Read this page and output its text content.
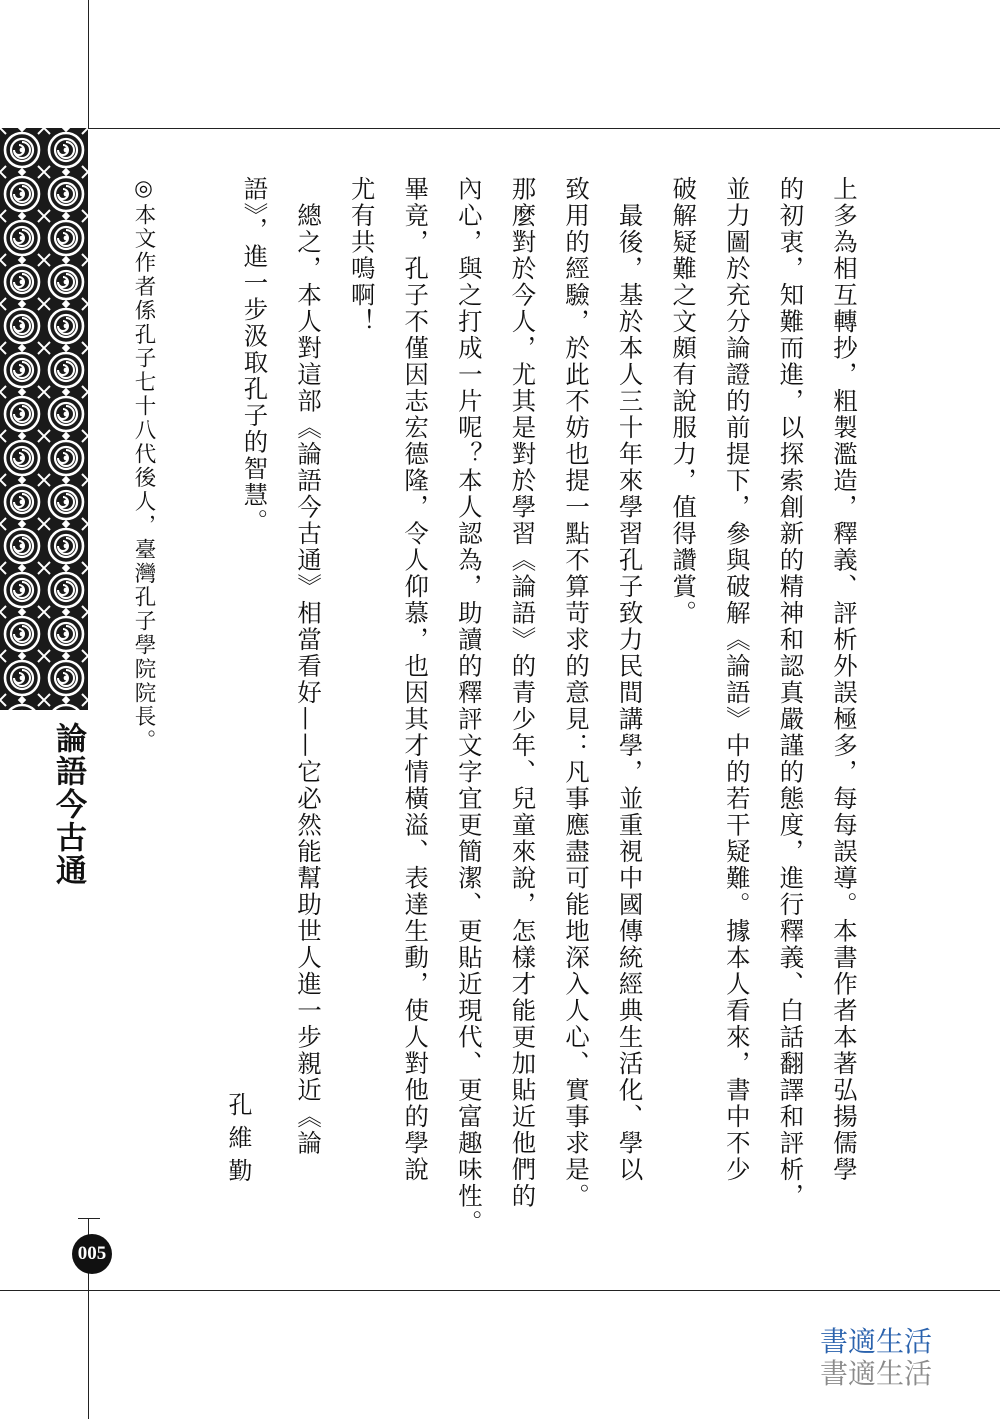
論語今古通
005
上多為相互轉抄，粗製濫造，釋義、評析外誤極多，每每誤導。本書作者本著弘揚儒學
的初衷，知難而進，以探索創新的精神和認真嚴謹的態度，進行釋義、白話翻譯和評析，
並力圖於充分論證的前提下，參與破解《論語》中的若干疑難。據本人看來，書中不少
破解疑難之文頗有說服力，值得讚賞。
　最後，基於本人三十年來學習孔子致力民間講學，並重視中國傳統經典生活化、學以
致用的經驗，於此不妨也提一點不算苛求的意見：凡事應盡可能地深入人心、實事求是。
那麼對於今人，尤其是對於學習《論語》的青少年、兒童來說，怎樣才能更加貼近他們的
內心，與之打成一片呢？本人認為，助讀的釋評文字宜更簡潔、更貼近現代、更富趣味性。
畢竟，孔子不僅因志宏德隆，令人仰慕，也因其才情橫溢、表達生動，使人對他的學說
尤有共鳴啊！
　總之，本人對這部《論語今古通》相當看好——它必然能幫助世人進一步親近《論
語》，進一步汲取孔子的智慧。
孔維勤
◎本文作者係孔子七十八代後人，臺灣孔子學院院長。
書適生活
書適生活
